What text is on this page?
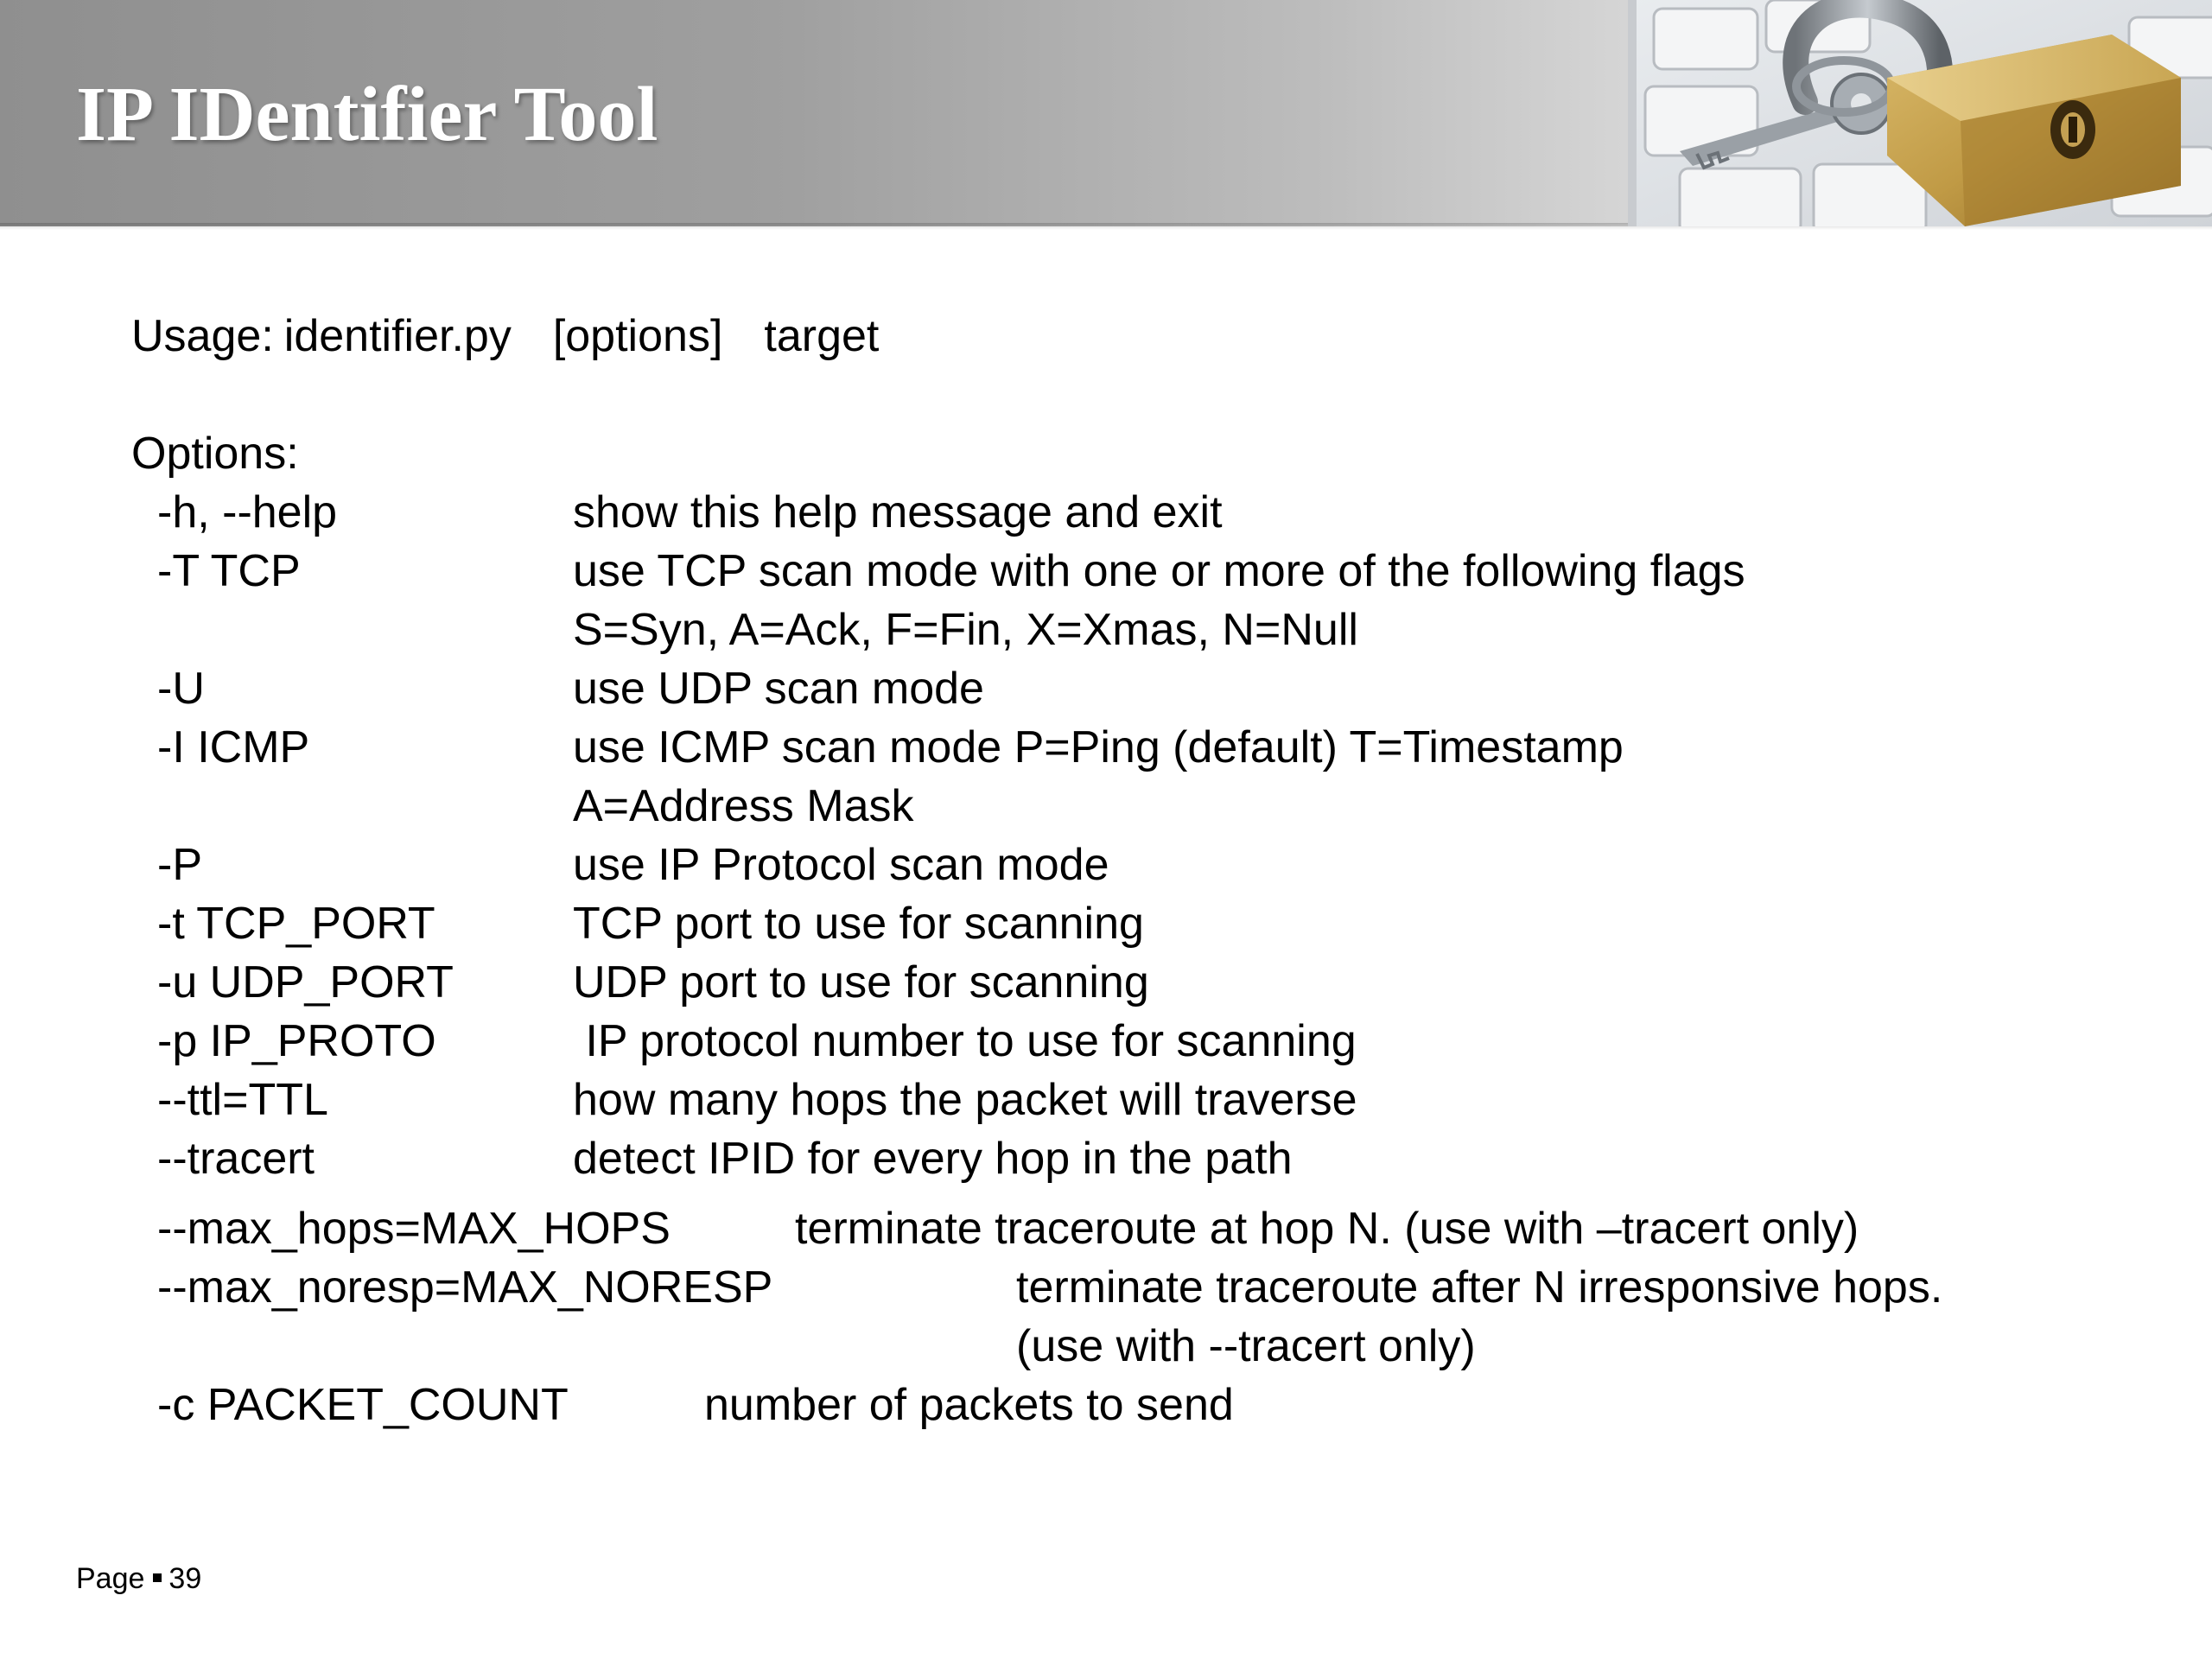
IP IDentifier Tool
Usage: identifier.py [options] target
Options:
-h, --help	show this help message and exit
-T TCP	use TCP scan mode with one or more of the following flags
S=Syn, A=Ack, F=Fin, X=Xmas, N=Null
-U	use UDP scan mode
-I ICMP	use ICMP scan mode P=Ping (default) T=Timestamp
A=Address Mask
-P	use IP Protocol scan mode
-t TCP_PORT	TCP port to use for scanning
-u UDP_PORT	UDP port to use for scanning
-p IP_PROTO	IP protocol number to use for scanning
--ttl=TTL	how many hops the packet will traverse
--tracert	detect IPID for every hop in the path
--max_hops=MAX_HOPS	terminate traceroute at hop N. (use with –tracert only)
--max_noresp=MAX_NORESP	terminate traceroute after N irresponsive hops.
(use with --tracert only)
-c PACKET_COUNT	number of packets to send
Page 39
